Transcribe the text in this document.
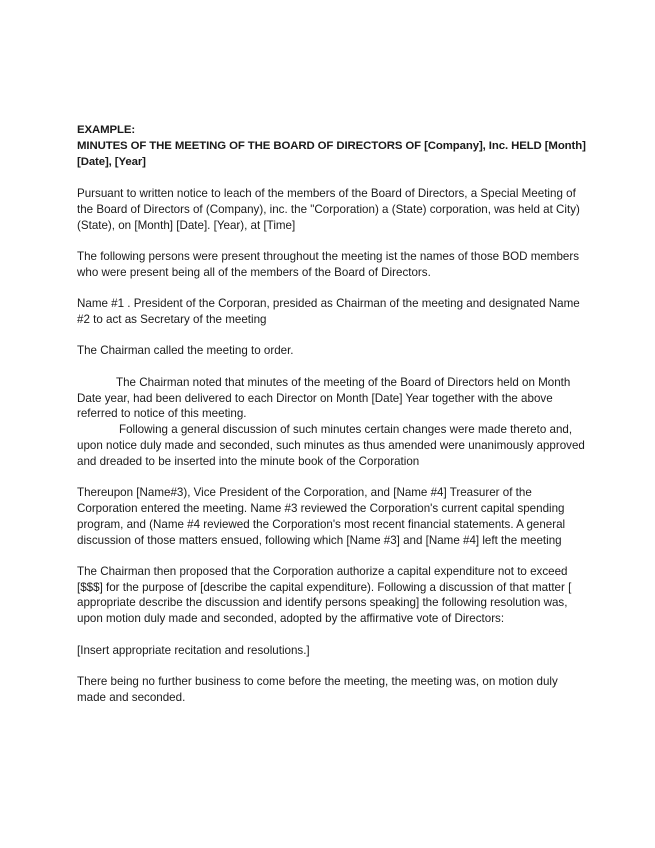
EXAMPLE:

MINUTES OF THE MEETING OF THE BOARD OF DIRECTORS OF [Company], Inc. HELD [Month] [Date], [Year]

Pursuant to written notice to leach of the members of the Board of Directors, a Special Meeting of the Board of Directors of (Company), inc. the "Corporation) a (State) corporation, was held at City) (State), on [Month] [Date]. [Year), at [Time]

The following persons were present throughout the meeting ist the names of those BOD members who were present being all of the members of the Board of Directors.

Name #1 . President of the Corporan, presided as Chairman of the meeting and designated Name #2 to act as Secretary of the meeting

The Chairman called the meeting to order.

The Chairman noted that minutes of the meeting of the Board of Directors held on Month Date year, had been delivered to each Director on Month [Date] Year together with the above referred to notice of this meeting.

Following a general discussion of such minutes certain changes were made thereto and, upon notice duly made and seconded, such minutes as thus amended were unanimously approved and dreaded to be inserted into the minute book of the Corporation

Thereupon [Name#3), Vice President of the Corporation, and [Name #4] Treasurer of the Corporation entered the meeting. Name #3 reviewed the Corporation's current capital spending program, and (Name #4 reviewed the Corporation's most recent financial statements. A general discussion of those matters ensued, following which [Name #3] and [Name #4] left the meeting

The Chairman then proposed that the Corporation authorize a capital expenditure not to exceed [$$$] for the purpose of [describe the capital expenditure). Following a discussion of that matter [ appropriate describe the discussion and identify persons speaking] the following resolution was, upon motion duly made and seconded, adopted by the affirmative vote of Directors:

[Insert appropriate recitation and resolutions.]

There being no further business to come before the meeting, the meeting was, on motion duly made and seconded.
